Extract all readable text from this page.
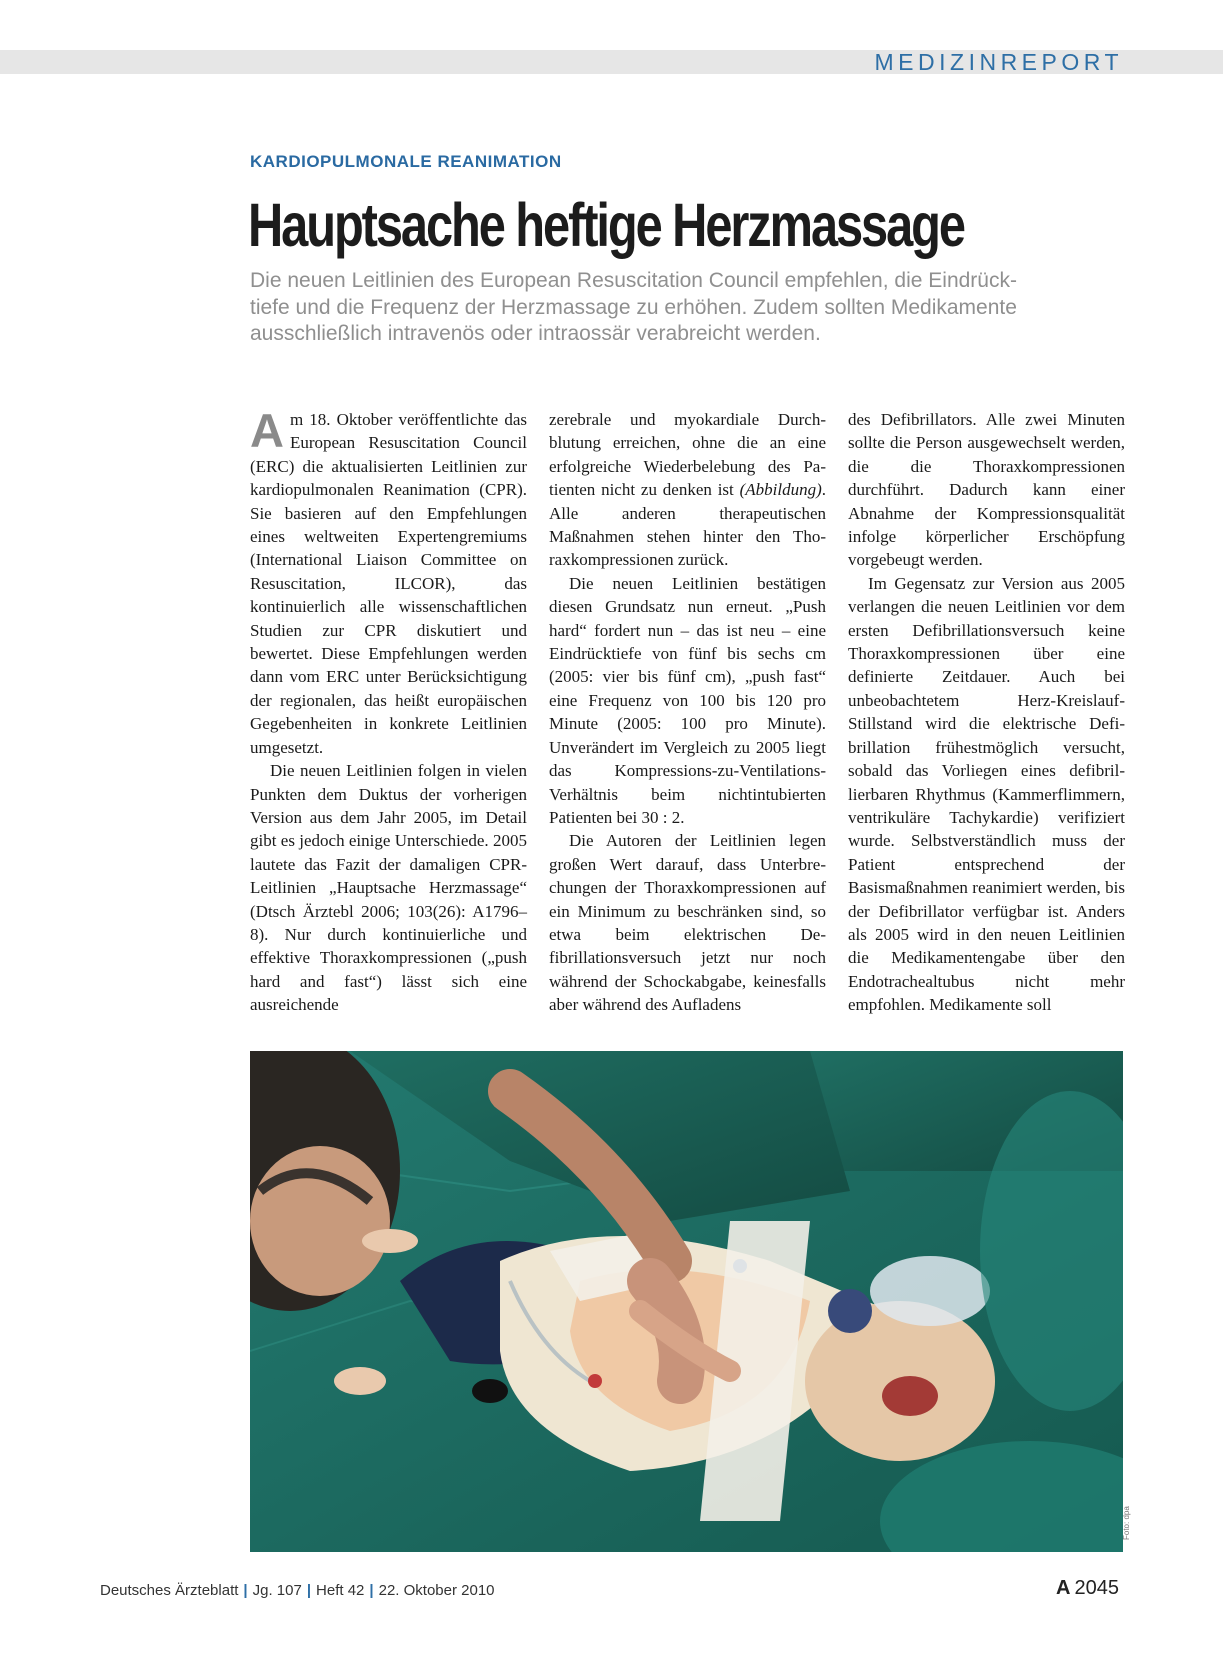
MEDIZINREPORT
KARDIOPULMONALE REANIMATION
Hauptsache heftige Herzmassage
Die neuen Leitlinien des European Resuscitation Council empfehlen, die Eindrück-
tiefe und die Frequenz der Herzmassage zu erhöhen. Zudem sollten Medikamente
ausschließlich intravenös oder intraossär verabreicht werden.

Am 18. Oktober veröffentlichte das European Resuscitation Council (ERC) die aktualisierten Leitlinien zur kardiopulmonalen Reanimation (CPR). Sie basieren auf den Empfehlungen eines weltweiten Expertengremiums (International Liaison Committee on Resuscitation, ILCOR), das kontinuierlich alle wissenschaftlichen Studien zur CPR diskutiert und bewertet. Diese Empfehlungen werden dann vom ERC unter Berücksichtigung der regionalen, das heißt europäischen Gegebenheiten in konkrete Leitlinien umgesetzt.

Die neuen Leitlinien folgen in vielen Punkten dem Duktus der vorherigen Version aus dem Jahr 2005, im Detail gibt es jedoch einige Unterschiede. 2005 lautete das Fazit der damaligen CPR-Leitlinien „Hauptsache Herzmassage“ (Dtsch Ärztebl 2006; 103(26): A1796–8). Nur durch kontinuierliche und effektive Thoraxkompressionen („push hard and fast“) lässt sich eine ausreichende

zerebrale und myokardiale Durchblutung erreichen, ohne die an eine erfolgreiche Wiederbelebung des Patienten nicht zu denken ist (Abbildung). Alle anderen therapeutischen Maßnahmen stehen hinter den Thoraxkompressionen zurück.

Die neuen Leitlinien bestätigen diesen Grundsatz nun erneut. „Push hard“ fordert nun – das ist neu – eine Eindrücktiefe von fünf bis sechs cm (2005: vier bis fünf cm), „push fast“ eine Frequenz von 100 bis 120 pro Minute (2005: 100 pro Minute). Unverändert im Vergleich zu 2005 liegt das Kompressions-zu-Ventilations-Verhältnis beim nichtintubierten Patienten bei 30 : 2.

Die Autoren der Leitlinien legen großen Wert darauf, dass Unterbrechungen der Thoraxkompressionen auf ein Minimum zu beschränken sind, so etwa beim elektrischen Defibrillationsversuch jetzt nur noch während der Schockabgabe, keinesfalls aber während des Aufladens

des Defibrillators. Alle zwei Minuten sollte die Person ausgewechselt werden, die die Thoraxkompressionen durchführt. Dadurch kann einer Abnahme der Kompressionsqualität infolge körperlicher Erschöpfung vorgebeugt werden.

Im Gegensatz zur Version aus 2005 verlangen die neuen Leitlinien vor dem ersten Defibrillationsversuch keine Thoraxkompressionen über eine definierte Zeitdauer. Auch bei unbeobachtetem Herz-Kreislauf-Stillstand wird die elektrische Defibrillation frühestmöglich versucht, sobald das Vorliegen eines defibrillierbaren Rhythmus (Kammerflimmern, ventrikuläre Tachykardie) verifiziert wurde. Selbstverständlich muss der Patient entsprechend der Basismaßnahmen reanimiert werden, bis der Defibrillator verfügbar ist. Anders als 2005 wird in den neuen Leitlinien die Medikamentengabe über den Endotrachealtubus nicht mehr empfohlen. Medikamente soll

Foto: dpa
Deutsches Ärzteblatt | Jg. 107 | Heft 42 | 22. Oktober 2010	A 2045
